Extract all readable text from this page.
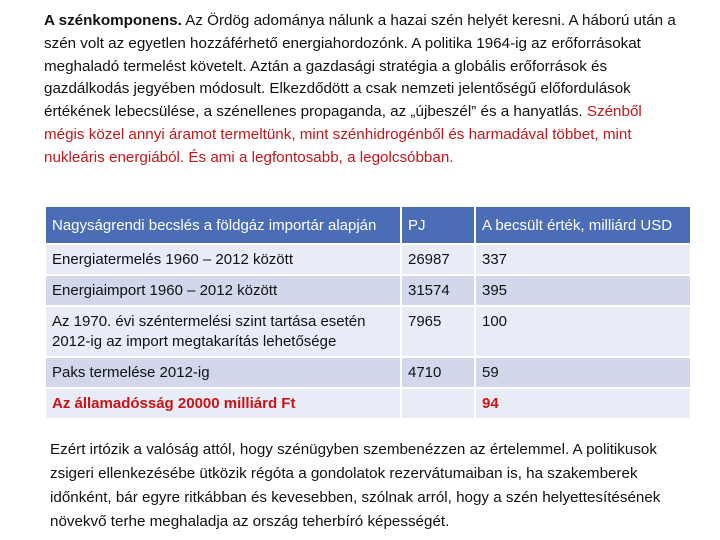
A szénkomponens. Az Ördög adománya nálunk a hazai szén helyét keresni. A háború után a szén volt az egyetlen hozzáférhető energiahordozónk. A politika 1964-ig az erőforrásokat meghaladó termelést követelt. Aztán a gazdasági stratégia a globális erőforrások és gazdálkodás jegyében módosult. Elkezdődött a csak nemzeti jelentőségű előfordulások értékének lebecsülése, a szénellenes propaganda, az „újbeszél” és a hanyatlás. Szénből mégis közel annyi áramot termeltünk, mint szénhidrogénből és harmadával többet, mint nukleáris energiából. És ami a legfontosabb, a legolcsóbban.
Nagyságrendi becslés a földgáz importár alapján	PJ	A becsült érték, milliárd USD
Energiatermelés 1960 – 2012 között	26987	337
Energiaimport 1960 – 2012 között	31574	395
Az 1970. évi széntermelési szint tartása esetén 2012-ig az import megtakarítás lehetősége	7965	100
Paks termelése 2012-ig	4710	59
Az államadósság 20000 milliárd Ft		94
Ezért irtózik a valóság attól, hogy szénügyben szembenézzen az értelemmel. A politikusok zsigeri ellenkezésébe ütközik régóta a gondolatok rezervátumaiban is, ha szakemberek időnként, bár egyre ritkábban és kevesebben, szólnak arról, hogy a szén helyettesítésének növekvő terhe meghaladja az ország teherbíró képességét.
